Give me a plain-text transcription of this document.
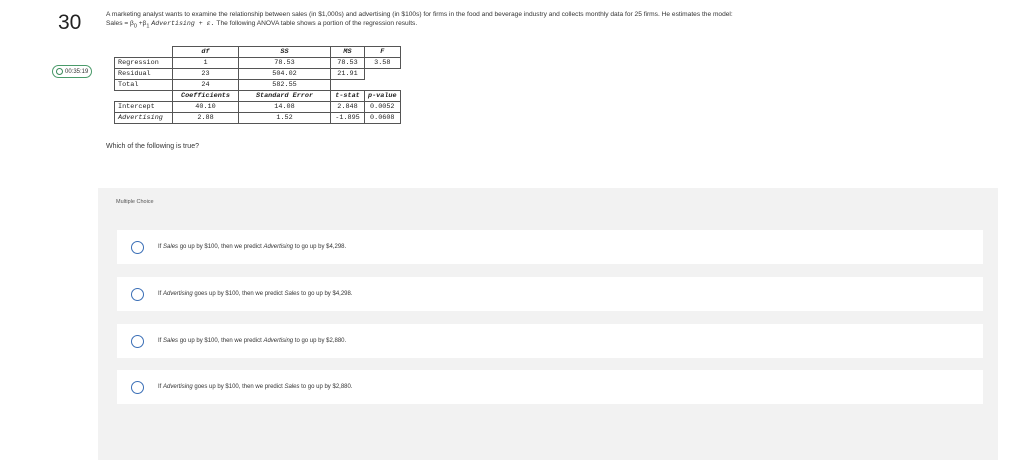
30
00:35:19
A marketing analyst wants to examine the relationship between sales (in $1,000s) and advertising (in $100s) for firms in the food and beverage industry and collects monthly data for 25 firms. He estimates the model:
Sales = $\beta_0 +\beta_1$ Advertising + ε. The following ANOVA table shows a portion of the regression results.
	df	SS	MS	F
Regression	1	78.53	78.53	3.58
Residual	23	504.02	21.91	
Total	24	582.55		
	Coefficients	Standard Error	t-stat	p-value
Intercept	40.10	14.08	2.848	0.0052
Advertising	2.88	1.52	-1.895	0.0608
Which of the following is true?
Multiple Choice
If Sales go up by $100, then we predict Advertising to go up by $4,298.
If Advertising goes up by $100, then we predict Sales to go up by $4,298.
If Sales go up by $100, then we predict Advertising to go up by $2,880.
If Advertising goes up by $100, then we predict Sales to go up by $2,880.
